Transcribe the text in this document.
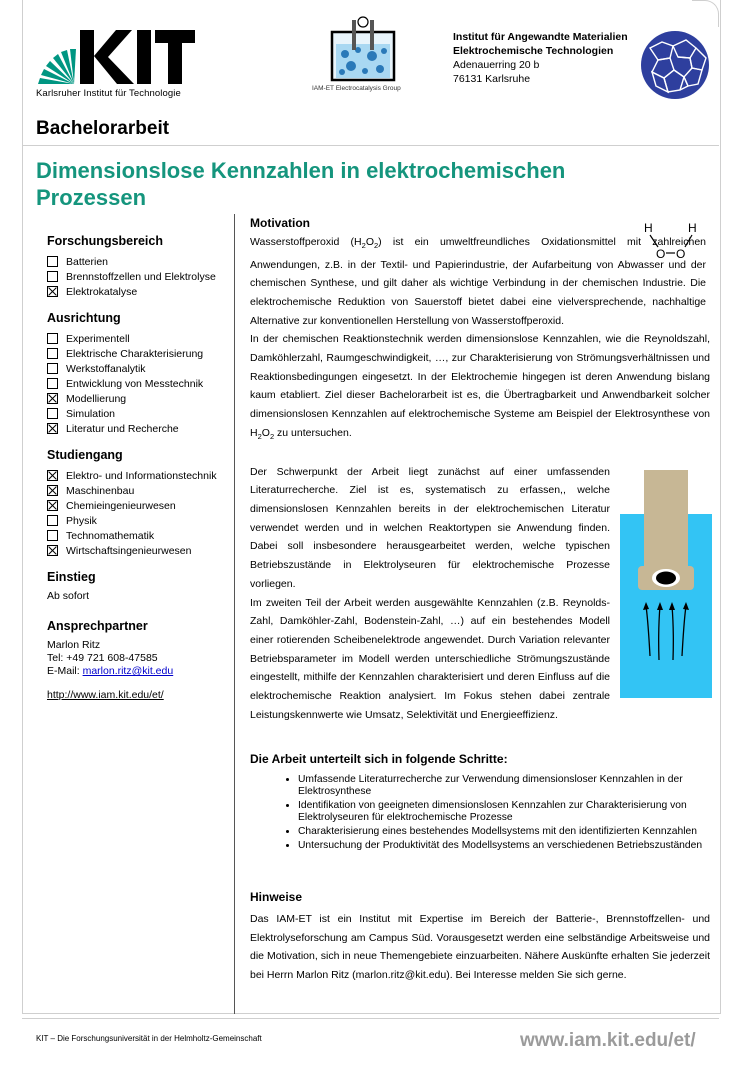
Karlsruher Institut für Technologie	IAM-ET Electrocatalysis Group
Institut für Angewandte Materialien
Elektrochemische Technologien
Adenauerring 20 b
76131 Karlsruhe
Bachelorarbeit
Dimensionslose Kennzahlen in elektrochemischen Prozessen
Forschungsbereich
Batterien
Brennstoffzellen und Elektrolyse
Elektrokatalyse
Ausrichtung
Experimentell
Elektrische Charakterisierung
Werkstoffanalytik
Entwicklung von Messtechnik
Modellierung
Simulation
Literatur und Recherche
Studiengang
Elektro- und Informationstechnik
Maschinenbau
Chemieingenieurwesen
Physik
Technomathematik
Wirtschaftsingenieurwesen
Einstieg
Ab sofort
Ansprechpartner
Marlon Ritz
Tel: +49 721 608-47585
E-Mail: marlon.ritz@kit.edu
http://www.iam.kit.edu/et/
H	H
O O
Motivation

Wasserstoffperoxid $(H_2O_2)$ ist ein umweltfreundliches Oxidationsmittel mit zahlreichen Anwendungen, z.B. in der Textil- und Papierindustrie, der Aufarbeitung von Abwasser und der chemischen Synthese, und gilt daher als wichtige Verbindung in der chemischen Industrie. Die elektrochemische Reduktion von Sauerstoff bietet dabei eine vielversprechende, nachhaltige Alternative zur konventionellen Herstellung von Wasserstoffperoxid.

In der chemischen Reaktionstechnik werden dimensionslose Kennzahlen, wie die Reynoldszahl, Damköhlerzahl, Raumgeschwindigkeit, …, zur Charakterisierung von Strömungsverhältnissen und Reaktionsbedingungen eingesetzt. In der Elektrochemie hingegen ist deren Anwendung bislang kaum etabliert. Ziel dieser Bachelorarbeit ist es, die Übertragbarkeit und Anwendbarkeit solcher dimensionslosen Kennzahlen auf elektrochemische Systeme am Beispiel der Elektrosynthese von $H_2O_2$ zu untersuchen.

Der Schwerpunkt der Arbeit liegt zunächst auf einer umfassenden Literaturrecherche. Ziel ist es, systematisch zu erfassen,, welche dimensionslosen Kennzahlen bereits in der elektrochemischen Literatur verwendet werden und in welchen Reaktortypen sie Anwendung finden. Dabei soll insbesondere herausgearbeitet werden, welche typischen Betriebszustände in Elektrolyseuren für elektrochemische Prozesse vorliegen.

Im zweiten Teil der Arbeit werden ausgewählte Kennzahlen (z.B. Reynolds-Zahl, Damköhler-Zahl, Bodenstein-Zahl, …) auf ein bestehendes Modell einer rotierenden Scheibenelektrode angewendet. Durch Variation relevanter Betriebsparameter im Modell werden unterschiedliche Strömungszustände eingestellt, mithilfe der Kennzahlen charakterisiert und deren Einfluss auf die elektrochemische Reaktion analysiert. Im Fokus stehen dabei zentrale Leistungskennwerte wie Umsatz, Selektivität und Energieeffizienz.

Die Arbeit unterteilt sich in folgende Schritte:
• Umfassende Literaturrecherche zur Verwendung dimensionsloser Kennzahlen in der Elektrosynthese
• Identifikation von geeigneten dimensionslosen Kennzahlen zur Charakterisierung von Elektrolyseuren für elektrochemische Prozesse
• Charakterisierung eines bestehendes Modellsystems mit den identifizierten Kennzahlen
• Untersuchung der Produktivität des Modellsystems an verschiedenen Betriebszuständen
Hinweise
Das IAM-ET ist ein Institut mit Expertise im Bereich der Batterie-, Brennstoffzellen- und Elektrolyseforschung am Campus Süd. Vorausgesetzt werden eine selbständige Arbeitsweise und die Motivation, sich in neue Themengebiete einzuarbeiten. Nähere Auskünfte erhalten Sie jederzeit bei Herrn Marlon Ritz (marlon.ritz@kit.edu). Bei Interesse melden Sie sich gerne.
KIT – Die Forschungsuniversität in der Helmholtz-Gemeinschaft	www.iam.kit.edu/et/
